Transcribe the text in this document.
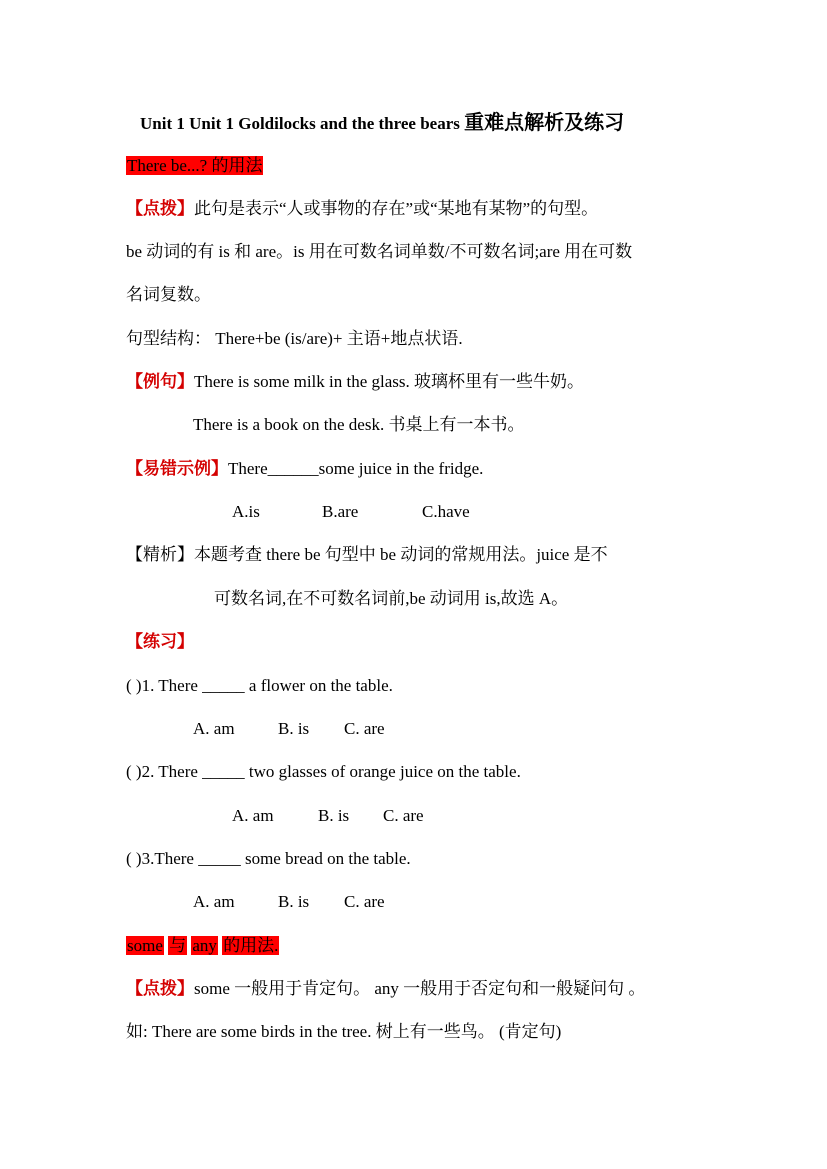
Unit 1 Unit 1 Goldilocks and the three bears 重难点解析及练习
There be...? 的用法
【点拨】此句是表示“人或事物的存在”或“某地有某物”的句型。
be 动词的有 is 和 are。is 用在可数名词单数/不可数名词;are 用在可数
名词复数。
句型结构： There+be (is/are)+ 主语+地点状语.
【例句】There is some milk in the glass. 玻璃杯里有一些牛奶。
There is a book on the desk. 书桌上有一本书。
【易错示例】There______some juice in the fridge.
A.is	B.are	C.have
【精析】本题考查 there be 句型中 be 动词的常规用法。juice 是不
可数名词,在不可数名词前,be 动词用 is,故选 A。
【练习】
( )1. There _____ a flower on the table.
A. am	B. is C. are
( )2. There _____ two glasses of orange juice on the table.
A. am	B. is C. are
( )3.There _____ some bread on the table.
A. am	B. is C. are
some 与 any 的用法.
【点拨】some 一般用于肯定句。 any 一般用于否定句和一般疑问句 。
如: There are some birds in the tree. 树上有一些鸟。 (肯定句)
